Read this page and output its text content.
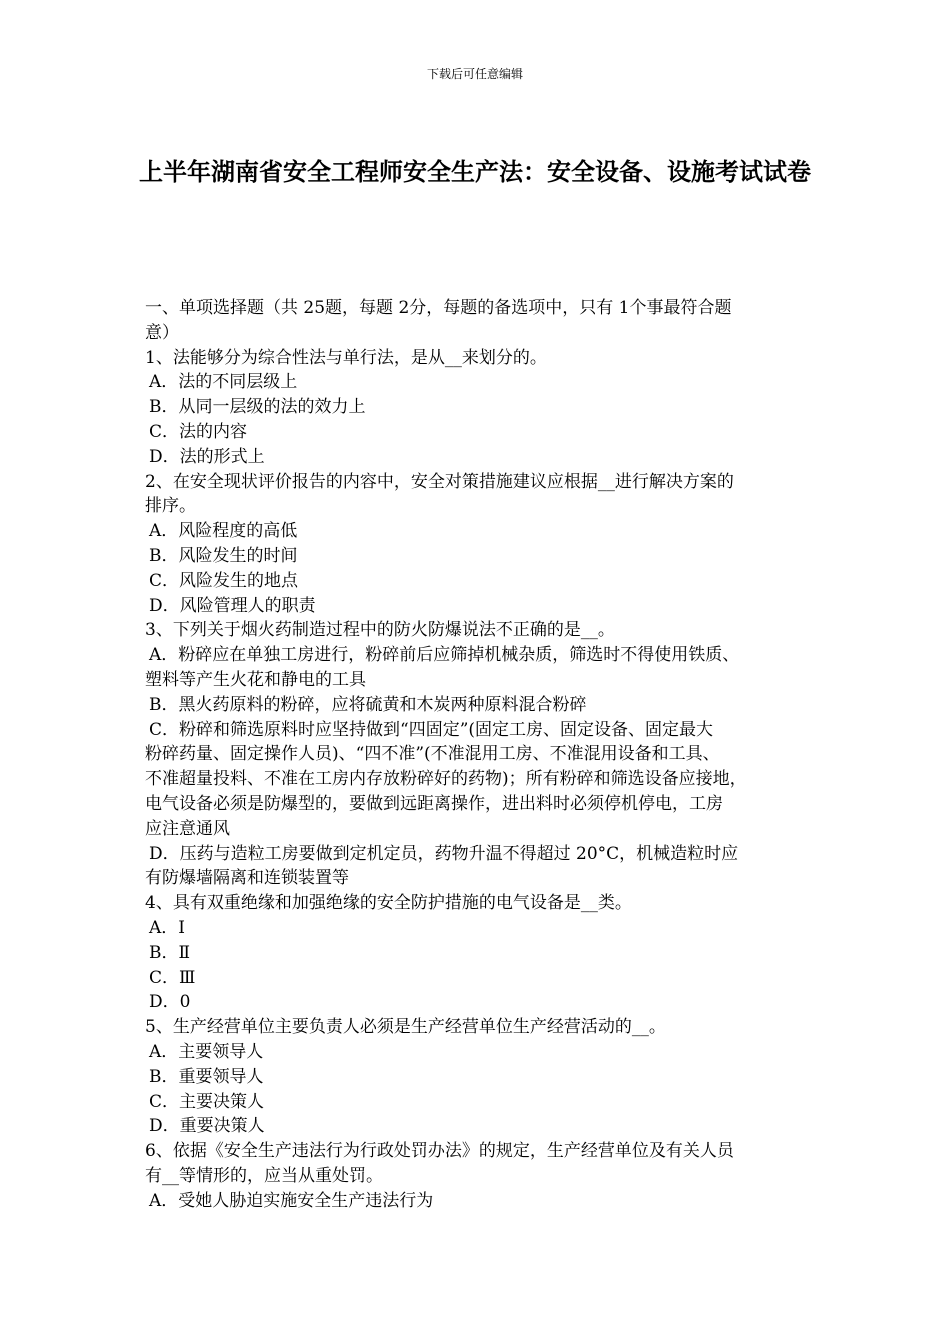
下载后可任意编辑
上半年湖南省安全工程师安全生产法：安全设备、设施考试试卷
一、单项选择题（共 25题，每题 2分，每题的备选项中，只有 1个事最符合题
意）
1、法能够分为综合性法与单行法，是从__来划分的。
A．法的不同层级上
B．从同一层级的法的效力上
C．法的内容
D．法的形式上
2、在安全现状评价报告的内容中，安全对策措施建议应根据__进行解决方案的
排序。
A．风险程度的高低
B．风险发生的时间
C．风险发生的地点
D．风险管理人的职责
3、下列关于烟火药制造过程中的防火防爆说法不正确的是__。
A．粉碎应在单独工房进行，粉碎前后应筛掉机械杂质，筛选时不得使用铁质、
塑料等产生火花和静电的工具
B．黑火药原料的粉碎，应将硫黄和木炭两种原料混合粉碎
C．粉碎和筛选原料时应坚持做到“四固定”(固定工房、固定设备、固定最大
粉碎药量、固定操作人员)、“四不准”(不准混用工房、不准混用设备和工具、
不准超量投料、不准在工房内存放粉碎好的药物)；所有粉碎和筛选设备应接地，
电气设备必须是防爆型的，要做到远距离操作，进出料时必须停机停电，工房
应注意通风
D．压药与造粒工房要做到定机定员，药物升温不得超过 20°C，机械造粒时应
有防爆墙隔离和连锁装置等
4、具有双重绝缘和加强绝缘的安全防护措施的电气设备是__类。
A．Ⅰ
B．Ⅱ
C．Ⅲ
D．0
5、生产经营单位主要负责人必须是生产经营单位生产经营活动的__。
A．主要领导人
B．重要领导人
C．主要决策人
D．重要决策人
6、依据《安全生产违法行为行政处罚办法》的规定，生产经营单位及有关人员
有__等情形的，应当从重处罚。
A．受她人胁迫实施安全生产违法行为
